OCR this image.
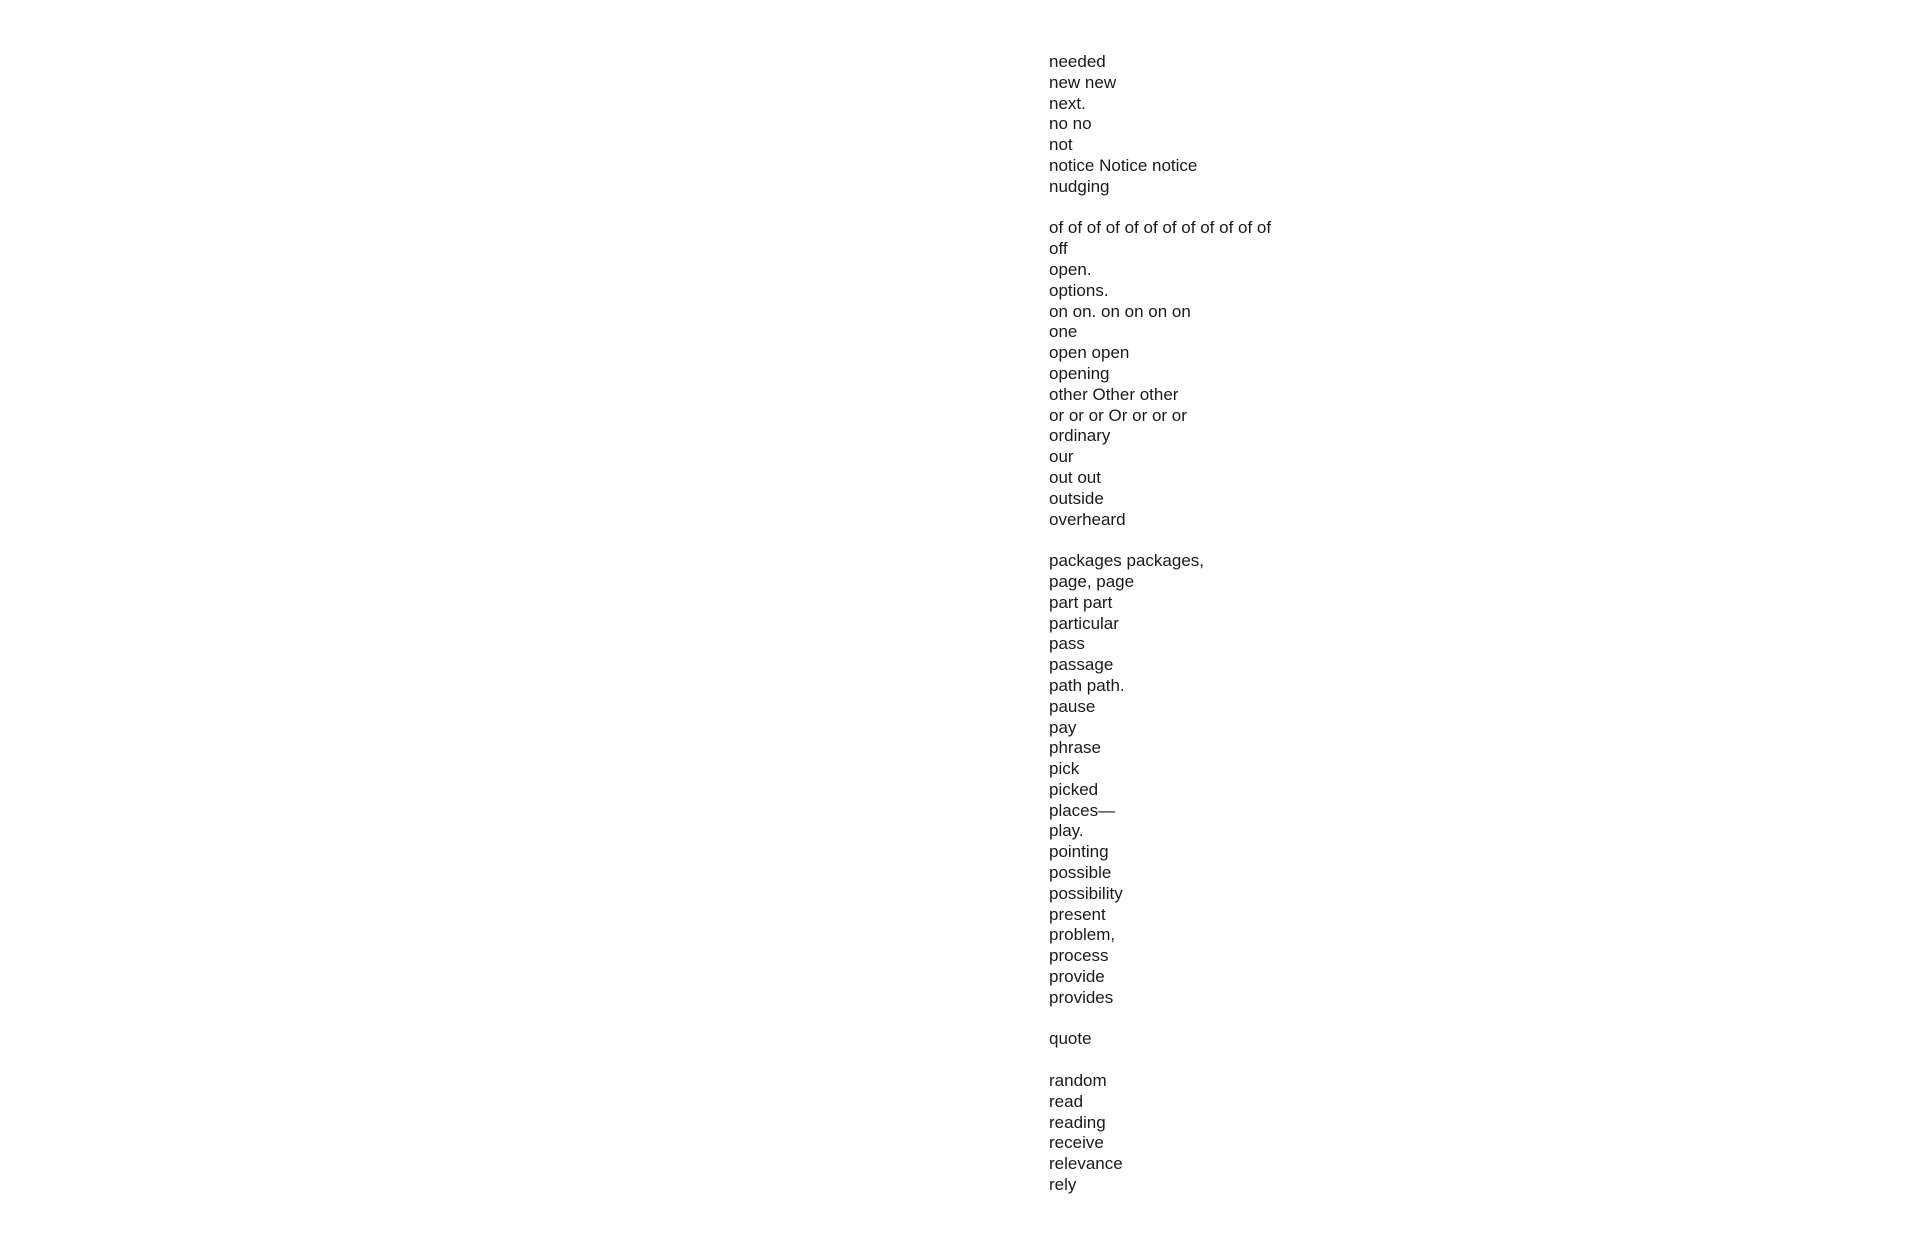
needed
new new
next.
no no
not
notice Notice notice
nudging
of of of of of of of of of of of of
off
open.
options.
on on. on on on on
one
open open
opening
other Other other
or or or Or or or or
ordinary
our
out out
outside
overheard
packages packages,
page, page
part part
particular
pass
passage
path path.
pause
pay
phrase
pick
picked
places—
play.
pointing
possible
possibility
present
problem,
process
provide
provides
quote
random
read
reading
receive
relevance
rely
